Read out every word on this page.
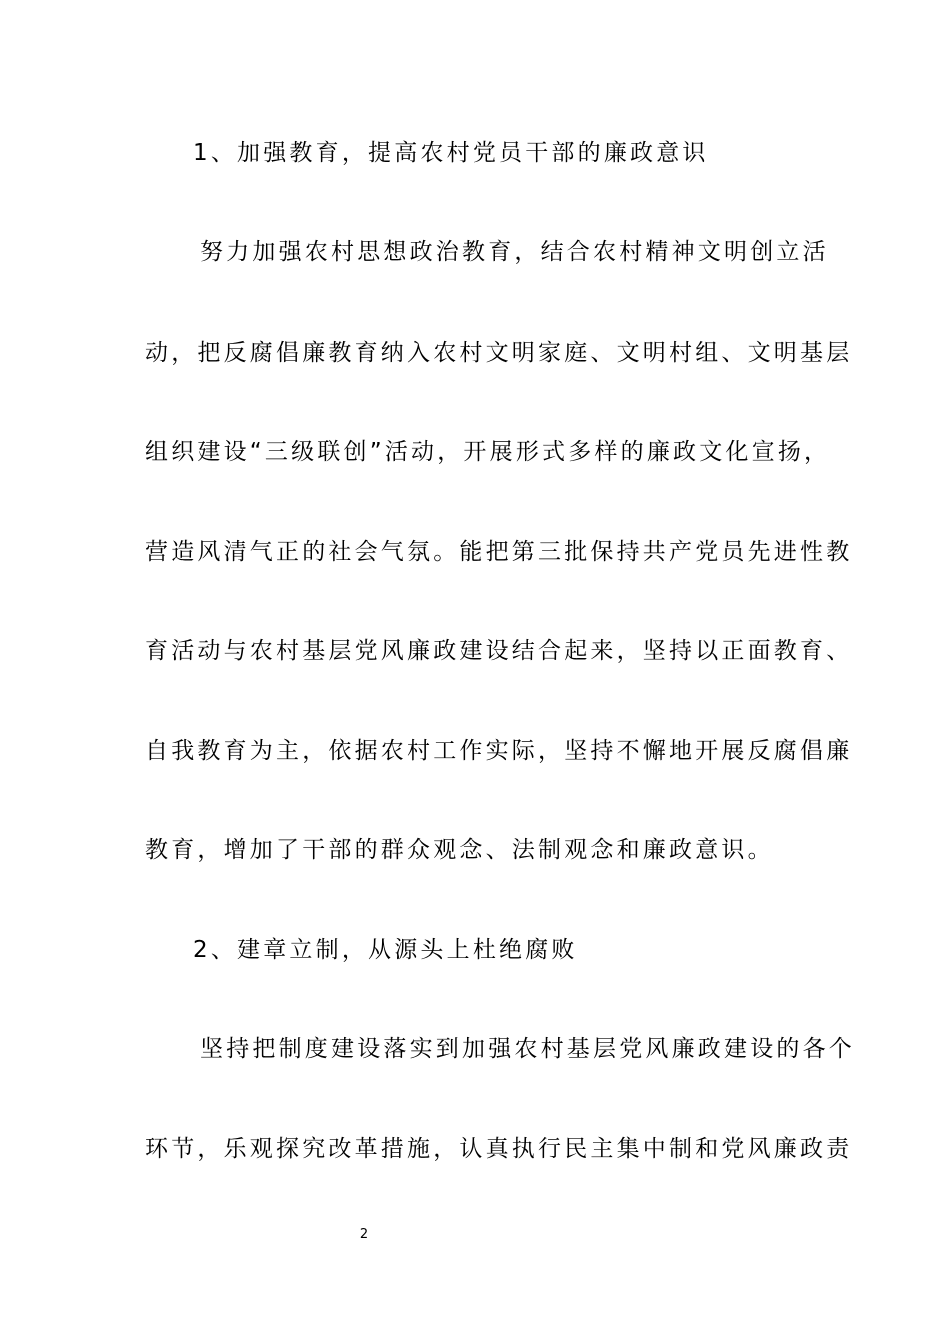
1、加强教育，提高农村党员干部的廉政意识
努力加强农村思想政治教育，结合农村精神文明创立活
动，把反腐倡廉教育纳入农村文明家庭、文明村组、文明基层
组织建设“三级联创”活动，开展形式多样的廉政文化宣扬，
营造风清气正的社会气氛。能把第三批保持共产党员先进性教
育活动与农村基层党风廉政建设结合起来，坚持以正面教育、
自我教育为主，依据农村工作实际，坚持不懈地开展反腐倡廉
教育，增加了干部的群众观念、法制观念和廉政意识。
2、建章立制，从源头上杜绝腐败
坚持把制度建设落实到加强农村基层党风廉政建设的各个
环节，乐观探究改革措施，认真执行民主集中制和党风廉政责
2
